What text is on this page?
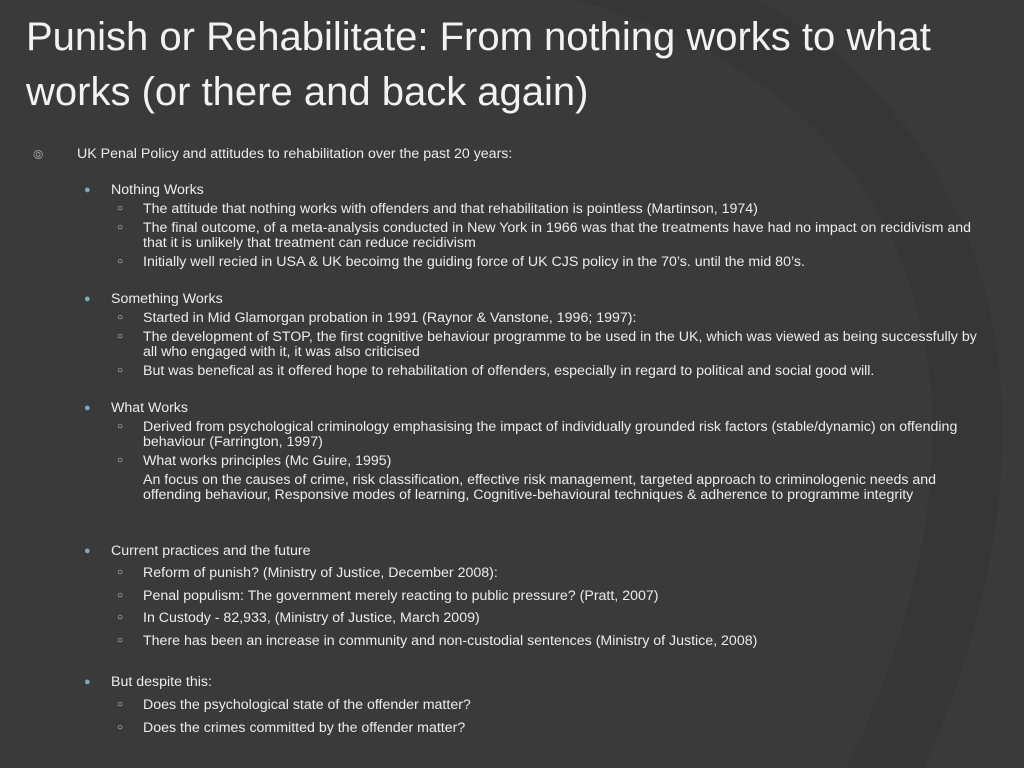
Punish or Rehabilitate: From nothing works to what works (or there and back again)
⦾ UK Penal Policy and attitudes to rehabilitation over the past 20 years:
● Nothing Works
○ The attitude that nothing works with offenders and that rehabilitation is pointless (Martinson, 1974)
○ The final outcome, of a meta-analysis conducted in New York in 1966 was that the treatments have had no impact on recidivism and that it is unlikely that treatment can reduce recidivism
○ Initially well recied in USA & UK becoimg the guiding force of UK CJS policy in the 70’s. until the mid 80’s.
● Something Works
○ Started in Mid Glamorgan probation in 1991 (Raynor & Vanstone, 1996; 1997):
○ The development of STOP, the first cognitive behaviour programme to be used in the UK, which was viewed as being successfully by all who engaged with it, it was also criticised
○ But was benefical as it offered hope to rehabilitation of offenders, especially in regard to political and social good will.
● What Works
○ Derived from psychological criminology emphasising the impact of individually grounded risk factors (stable/dynamic) on offending behaviour (Farrington, 1997)
○ What works principles (Mc Guire, 1995)
An focus on the causes of crime, risk classification, effective risk management, targeted approach to criminologenic needs and offending behaviour, Responsive modes of learning, Cognitive-behavioural techniques & adherence to programme integrity
● Current practices and the future
○ Reform of punish? (Ministry of Justice, December 2008):
○ Penal populism: The government merely reacting to public pressure? (Pratt, 2007)
○ In Custody - 82,933, (Ministry of Justice, March 2009)
○ There has been an increase in community and non-custodial sentences (Ministry of Justice, 2008)
● But despite this:
○ Does the psychological state of the offender matter?
○ Does the crimes committed by the offender matter?
